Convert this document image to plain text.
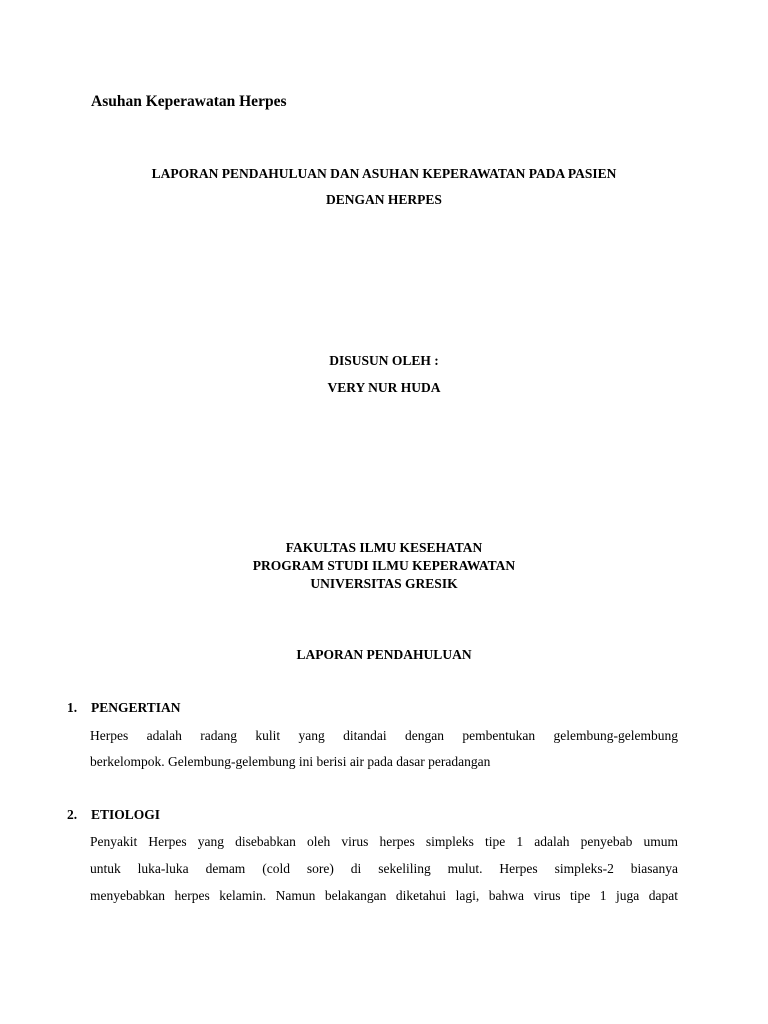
Asuhan Keperawatan Herpes
LAPORAN PENDAHULUAN DAN ASUHAN KEPERAWATAN PADA PASIEN
DENGAN HERPES
DISUSUN OLEH :
VERY NUR HUDA
FAKULTAS ILMU KESEHATAN
PROGRAM STUDI ILMU KEPERAWATAN
UNIVERSITAS GRESIK
LAPORAN PENDAHULUAN
1. PENGERTIAN
Herpes adalah radang kulit yang ditandai dengan pembentukan gelembung-gelembung
berkelompok. Gelembung-gelembung ini berisi air pada dasar peradangan
2. ETIOLOGI
Penyakit Herpes yang disebabkan oleh virus herpes simpleks tipe 1 adalah penyebab umum
untuk luka-luka demam (cold sore) di sekeliling mulut. Herpes simpleks-2 biasanya
menyebabkan herpes kelamin. Namun belakangan diketahui lagi, bahwa virus tipe 1 juga dapat
